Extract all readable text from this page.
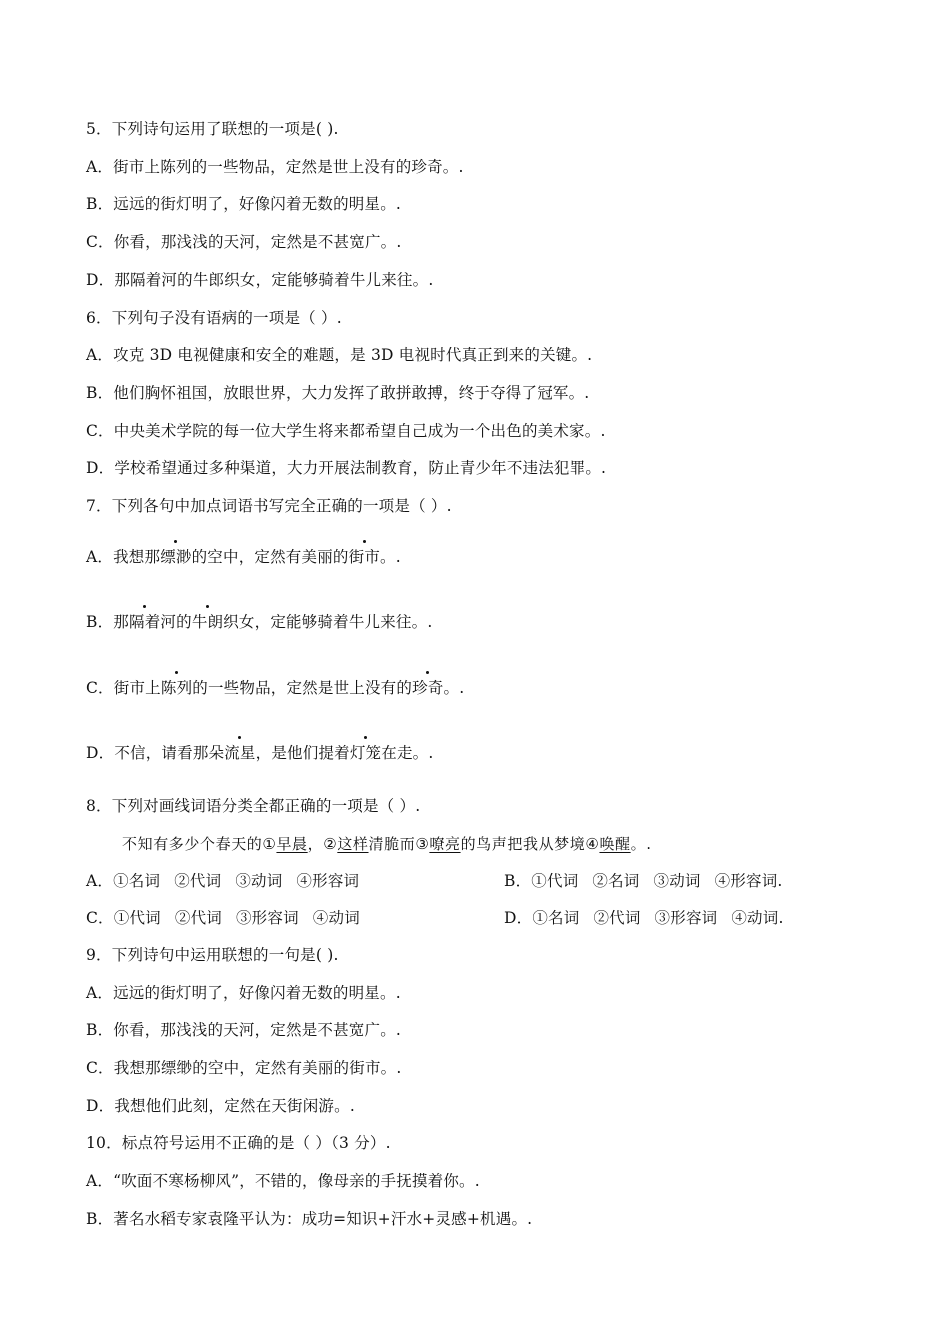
5．下列诗句运用了联想的一项是( ).
A．街市上陈列的一些物品，定然是世上没有的珍奇。.
B．远远的街灯明了，好像闪着无数的明星。.
C．你看，那浅浅的天河，定然是不甚宽广。.
D．那隔着河的牛郎织女，定能够骑着牛儿来往。.
6．下列句子没有语病的一项是（ ）.
A．攻克 3D 电视健康和安全的难题，是 3D 电视时代真正到来的关键。.
B．他们胸怀祖国，放眼世界，大力发挥了敢拼敢搏，终于夺得了冠军。.
C．中央美术学院的每一位大学生将来都希望自己成为一个出色的美术家。.
D．学校希望通过多种渠道，大力开展法制教育，防止青少年不违法犯罪。.
7．下列各句中加点词语书写完全正确的一项是（ ）.
A．我想那缥渺的空中，定然有美丽的街市。.
B．那隔着河的牛朗织女，定能够骑着牛儿来往。.
C．街市上陈列的一些物品，定然是世上没有的珍奇。.
D．不信，请看那朵流星，是他们提着灯笼在走。.
8．下列对画线词语分类全都正确的一项是（ ）.
不知有多少个春天的①早晨，②这样清脆而③嘹亮的鸟声把我从梦境④唤醒。.
A．①名词 ②代词 ③动词 ④形容词	B．①代词 ②名词 ③动词 ④形容词.
C．①代词 ②代词 ③形容词 ④动词	D．①名词 ②代词 ③形容词 ④动词.
9．下列诗句中运用联想的一句是( ).
A．远远的街灯明了，好像闪着无数的明星。.
B．你看，那浅浅的天河，定然是不甚宽广。.
C．我想那缥缈的空中，定然有美丽的街市。.
D．我想他们此刻，定然在天街闲游。.
10．标点符号运用不正确的是（ ）（3 分）.
A．“吹面不寒杨柳风”，不错的，像母亲的手抚摸着你。.
B．著名水稻专家袁隆平认为：成功=知识+汗水+灵感+机遇。.
